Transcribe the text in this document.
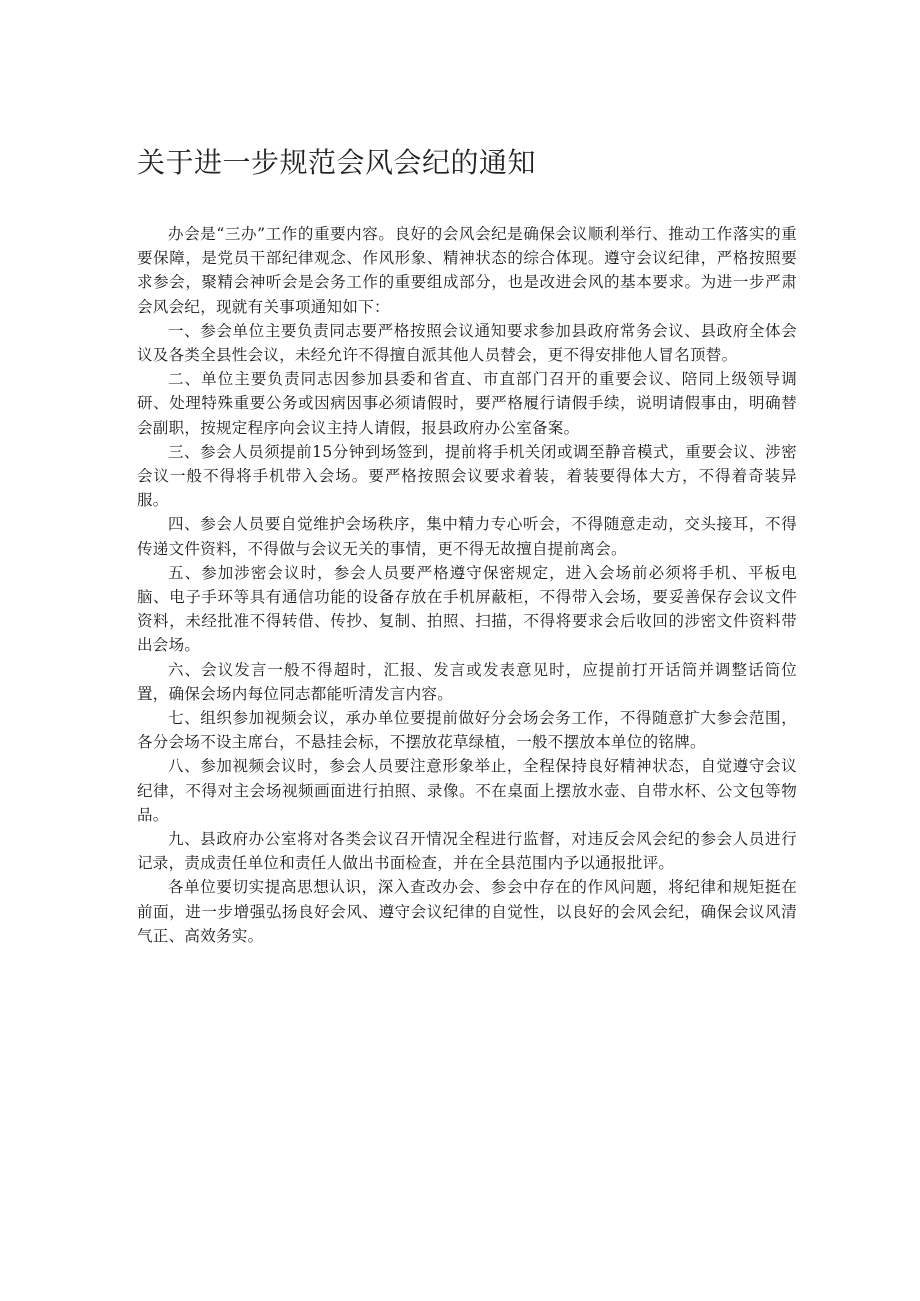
关于进一步规范会风会纪的通知

办会是“三办”工作的重要内容。良好的会风会纪是确保会议顺利举行、推动工作落实的重要保障，是党员干部纪律观念、作风形象、精神状态的综合体现。遵守会议纪律，严格按照要求参会，聚精会神听会是会务工作的重要组成部分，也是改进会风的基本要求。为进一步严肃会风会纪，现就有关事项通知如下：

一、参会单位主要负责同志要严格按照会议通知要求参加县政府常务会议、县政府全体会议及各类全县性会议，未经允许不得擅自派其他人员替会，更不得安排他人冒名顶替。

二、单位主要负责同志因参加县委和省直、市直部门召开的重要会议、陪同上级领导调研、处理特殊重要公务或因病因事必须请假时，要严格履行请假手续，说明请假事由，明确替会副职，按规定程序向会议主持人请假，报县政府办公室备案。

三、参会人员须提前15分钟到场签到，提前将手机关闭或调至静音模式，重要会议、涉密会议一般不得将手机带入会场。要严格按照会议要求着装，着装要得体大方，不得着奇装异服。

四、参会人员要自觉维护会场秩序，集中精力专心听会，不得随意走动，交头接耳，不得传递文件资料，不得做与会议无关的事情，更不得无故擅自提前离会。

五、参加涉密会议时，参会人员要严格遵守保密规定，进入会场前必须将手机、平板电脑、电子手环等具有通信功能的设备存放在手机屏蔽柜，不得带入会场，要妥善保存会议文件资料，未经批准不得转借、传抄、复制、拍照、扫描，不得将要求会后收回的涉密文件资料带出会场。

六、会议发言一般不得超时，汇报、发言或发表意见时，应提前打开话筒并调整话筒位置，确保会场内每位同志都能听清发言内容。

七、组织参加视频会议，承办单位要提前做好分会场会务工作，不得随意扩大参会范围，各分会场不设主席台，不悬挂会标，不摆放花草绿植，一般不摆放本单位的铭牌。

八、参加视频会议时，参会人员要注意形象举止，全程保持良好精神状态，自觉遵守会议纪律，不得对主会场视频画面进行拍照、录像。不在桌面上摆放水壶、自带水杯、公文包等物品。

九、县政府办公室将对各类会议召开情况全程进行监督，对违反会风会纪的参会人员进行记录，责成责任单位和责任人做出书面检查，并在全县范围内予以通报批评。

各单位要切实提高思想认识，深入查改办会、参会中存在的作风问题，将纪律和规矩挺在前面，进一步增强弘扬良好会风、遵守会议纪律的自觉性，以良好的会风会纪，确保会议风清气正、高效务实。
